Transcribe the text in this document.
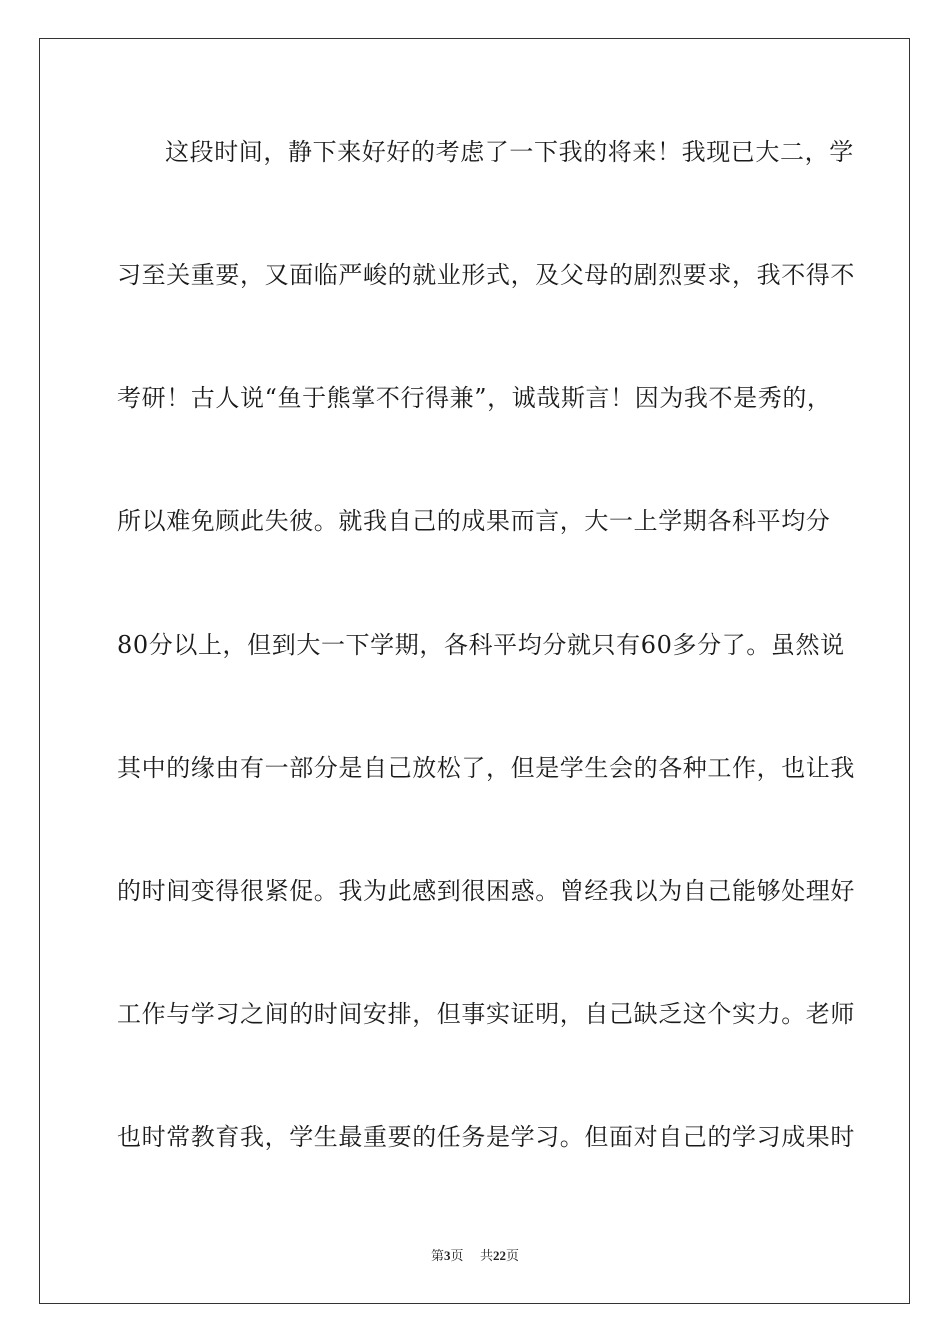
这段时间，静下来好好的考虑了一下我的将来！我现已大二，学
习至关重要，又面临严峻的就业形式，及父母的剧烈要求，我不得不
考研！古人说“鱼于熊掌不行得兼”，诚哉斯言！因为我不是秀的，
所以难免顾此失彼。就我自己的成果而言，大一上学期各科平均分
80分以上，但到大一下学期，各科平均分就只有60多分了。虽然说
其中的缘由有一部分是自己放松了，但是学生会的各种工作，也让我
的时间变得很紧促。我为此感到很困惑。曾经我以为自己能够处理好
工作与学习之间的时间安排，但事实证明，自己缺乏这个实力。老师
也时常教育我，学生最重要的任务是学习。但面对自己的学习成果时
第3页 共22页
